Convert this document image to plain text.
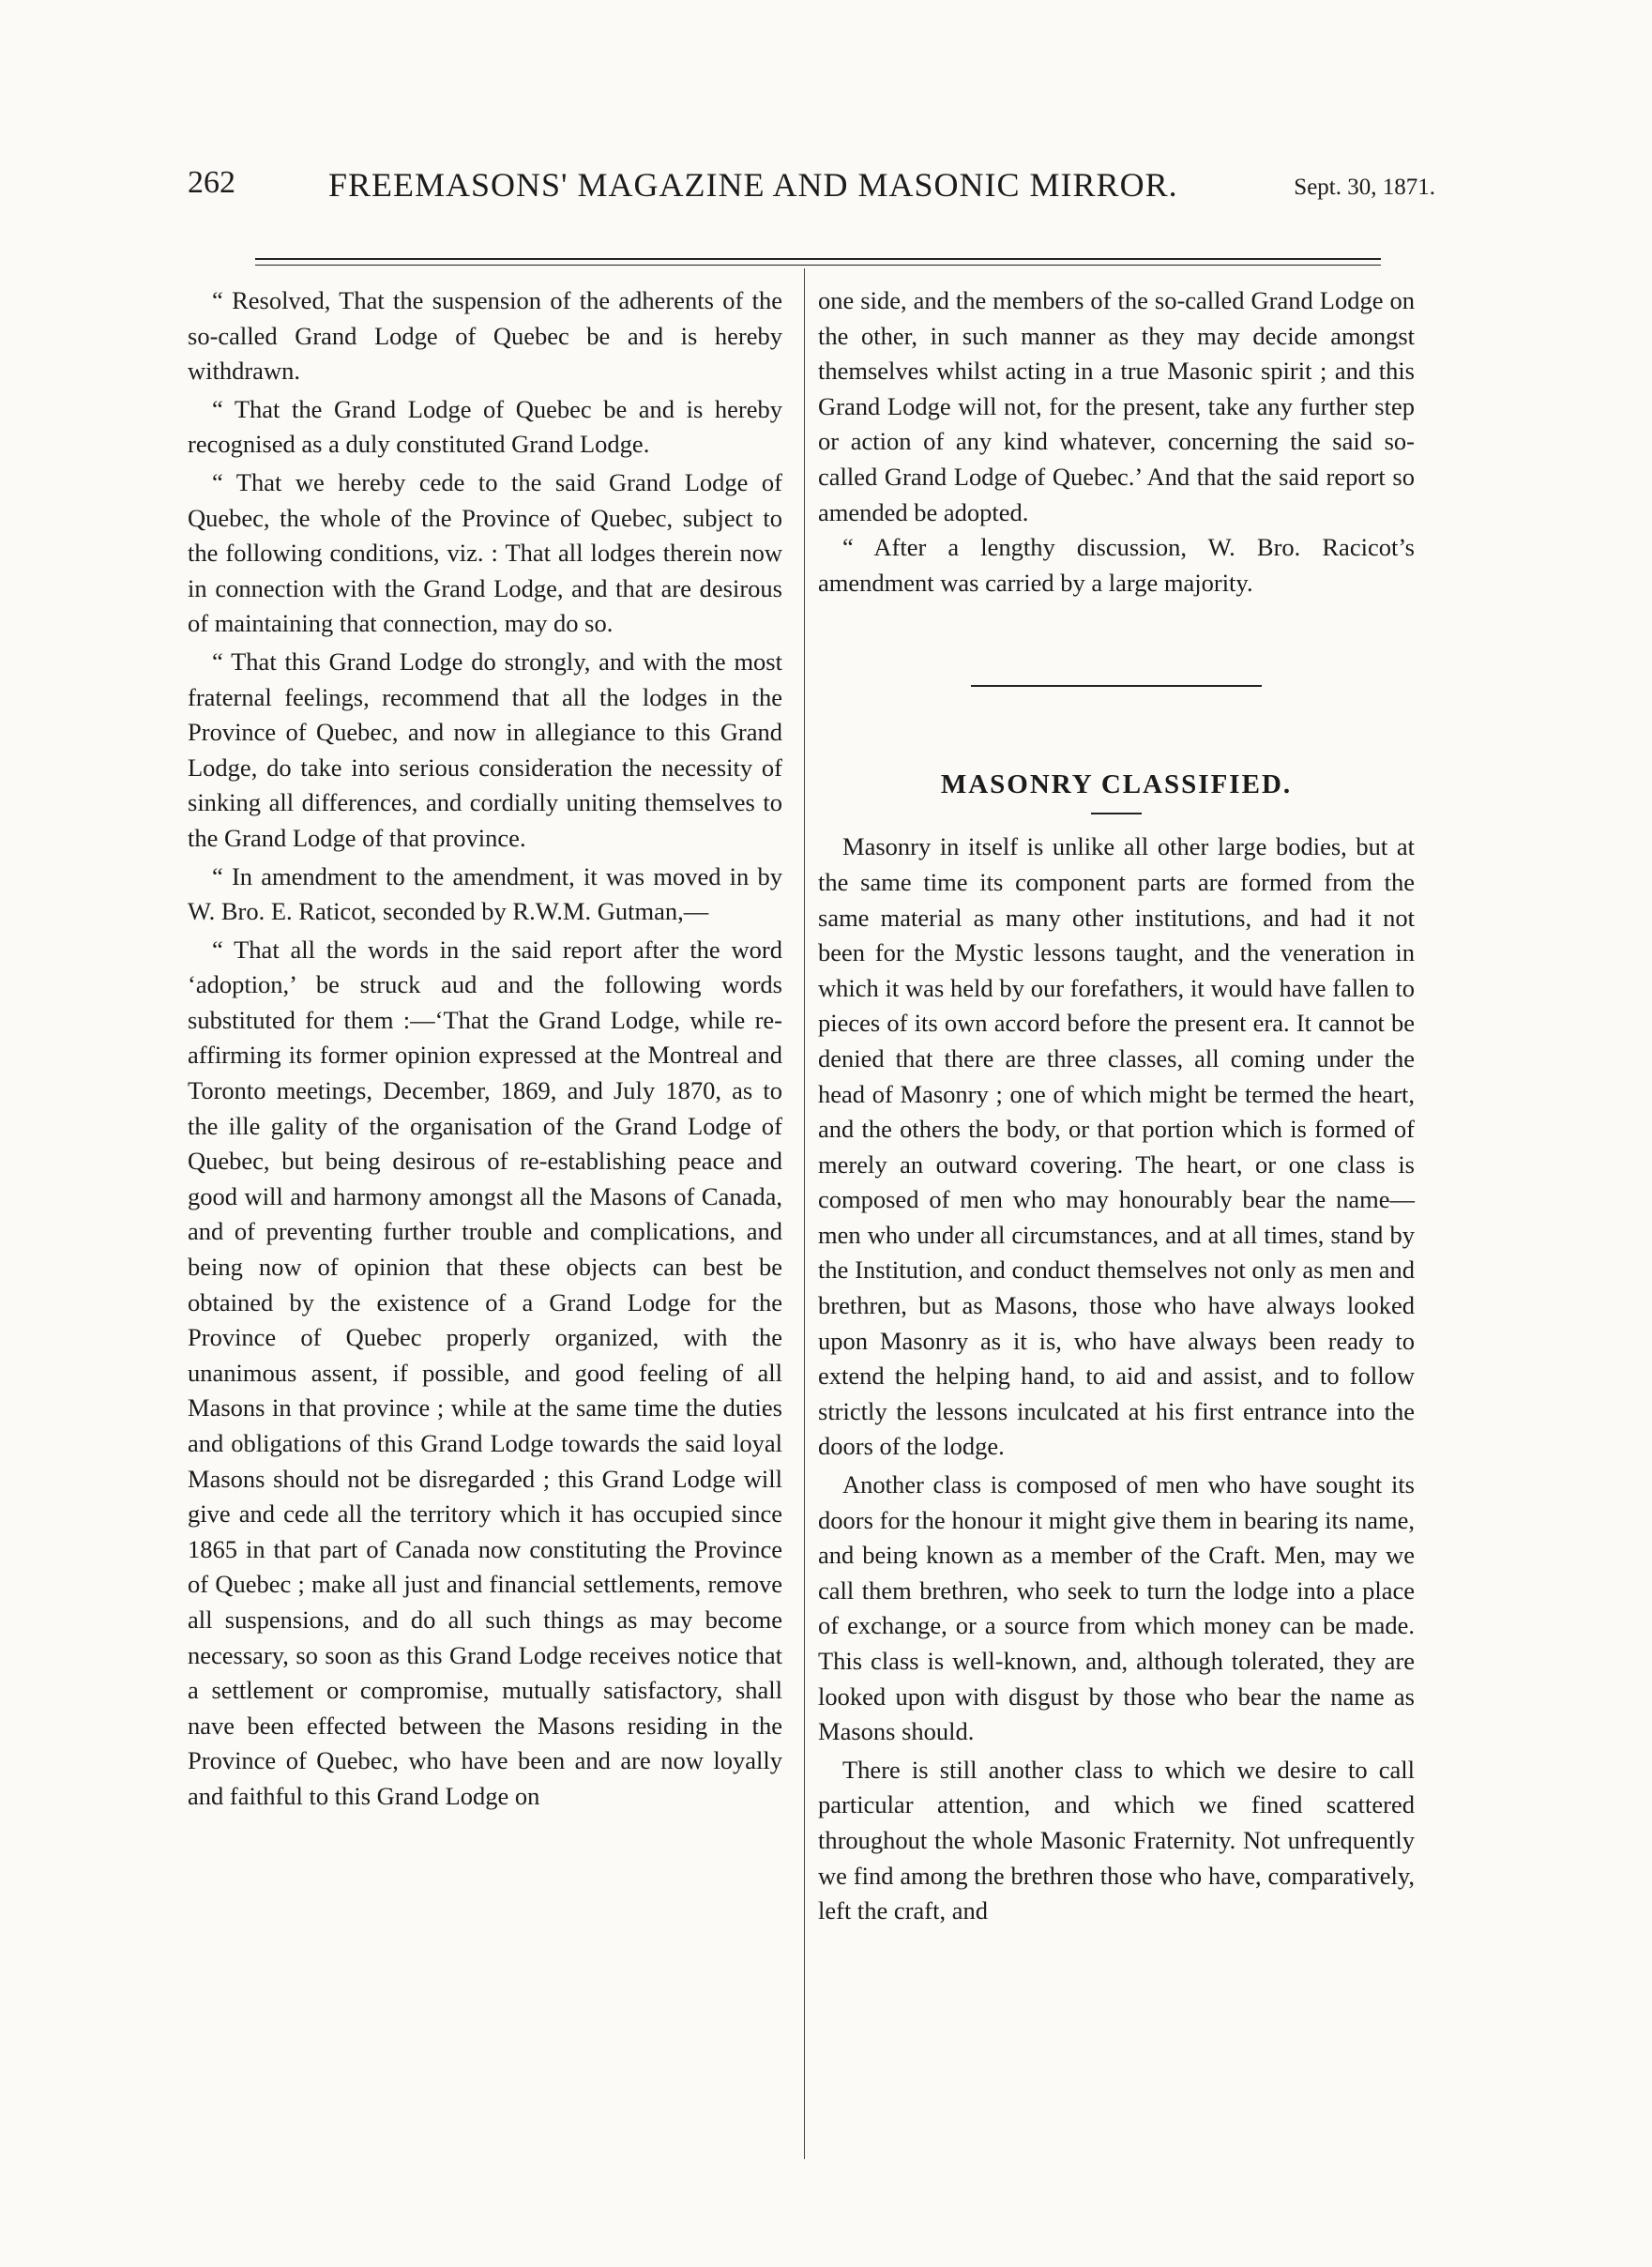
262	FREEMASONS' MAGAZINE AND MASONIC MIRROR.	Sept. 30, 1871.

“ Resolved, That the suspension of the adherents of the so-called Grand Lodge of Quebec be and is hereby withdrawn.

“ That the Grand Lodge of Quebec be and is hereby recognised as a duly constituted Grand Lodge.

“ That we hereby cede to the said Grand Lodge of Quebec, the whole of the Province of Quebec, subject to the following conditions, viz. : That all lodges therein now in connection with the Grand Lodge, and that are desirous of maintaining that connection, may do so.

“ That this Grand Lodge do strongly, and with the most fraternal feelings, recommend that all the lodges in the Province of Quebec, and now in allegiance to this Grand Lodge, do take into serious consideration the necessity of sinking all differences, and cordially uniting themselves to the Grand Lodge of that province.

“ In amendment to the amendment, it was moved in by W. Bro. E. Raticot, seconded by R.W.M. Gutman,—

“ That all the words in the said report after the word ‘adoption,’ be struck aud and the following words substituted for them :—‘That the Grand Lodge, while re-affirming its former opinion expressed at the Montreal and Toronto meetings, December, 1869, and July 1870, as to the ille gality of the organisation of the Grand Lodge of Quebec, but being desirous of re-establishing peace and good will and harmony amongst all the Masons of Canada, and of preventing further trouble and complications, and being now of opinion that these objects can best be obtained by the existence of a Grand Lodge for the Province of Quebec properly organized, with the unanimous assent, if possible, and good feeling of all Masons in that province ; while at the same time the duties and obligations of this Grand Lodge towards the said loyal Masons should not be disregarded ; this Grand Lodge will give and cede all the territory which it has occupied since 1865 in that part of Canada now constituting the Province of Quebec ; make all just and financial settlements, remove all suspensions, and do all such things as may become necessary, so soon as this Grand Lodge receives notice that a settlement or compromise, mutually satisfactory, shall nave been effected between the Masons residing in the Province of Quebec, who have been and are now loyally and faithful to this Grand Lodge on

one side, and the members of the so-called Grand Lodge on the other, in such manner as they may decide amongst themselves whilst acting in a true Masonic spirit ; and this Grand Lodge will not, for the present, take any further step or action of any kind whatever, concerning the said so-called Grand Lodge of Quebec.’ And that the said report so amended be adopted.

“ After a lengthy discussion, W. Bro. Racicot’s amendment was carried by a large majority.

MASONRY CLASSIFIED.

Masonry in itself is unlike all other large bodies, but at the same time its component parts are formed from the same material as many other institutions, and had it not been for the Mystic lessons taught, and the veneration in which it was held by our forefathers, it would have fallen to pieces of its own accord before the present era. It cannot be denied that there are three classes, all coming under the head of Masonry ; one of which might be termed the heart, and the others the body, or that portion which is formed of merely an outward covering. The heart, or one class is composed of men who may honourably bear the name—men who under all circumstances, and at all times, stand by the Institution, and conduct themselves not only as men and brethren, but as Masons, those who have always looked upon Masonry as it is, who have always been ready to extend the helping hand, to aid and assist, and to follow strictly the lessons inculcated at his first entrance into the doors of the lodge.

Another class is composed of men who have sought its doors for the honour it might give them in bearing its name, and being known as a member of the Craft. Men, may we call them brethren, who seek to turn the lodge into a place of exchange, or a source from which money can be made. This class is well-known, and, although tolerated, they are looked upon with disgust by those who bear the name as Masons should.

There is still another class to which we desire to call particular attention, and which we fined scattered throughout the whole Masonic Fraternity. Not unfrequently we find among the brethren those who have, comparatively, left the craft, and
